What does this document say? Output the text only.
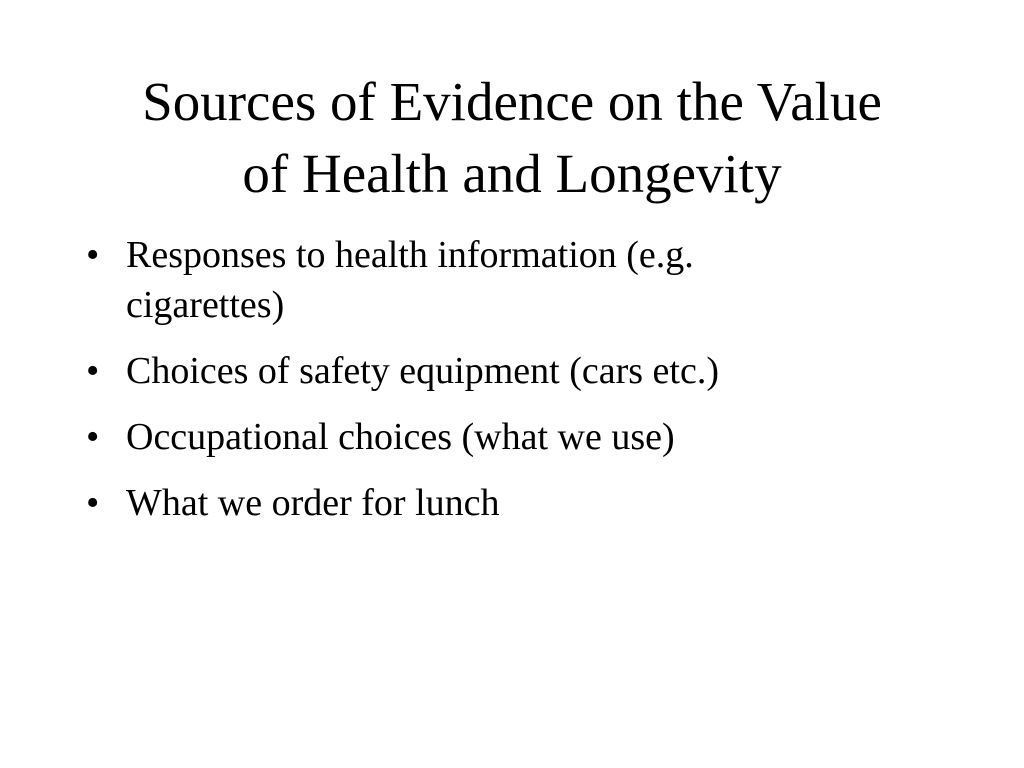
Sources of Evidence on the Value
of Health and Longevity
• Responses to health information (e.g.
cigarettes)
• Choices of safety equipment (cars etc.)
• Occupational choices (what we use)
• What we order for lunch
